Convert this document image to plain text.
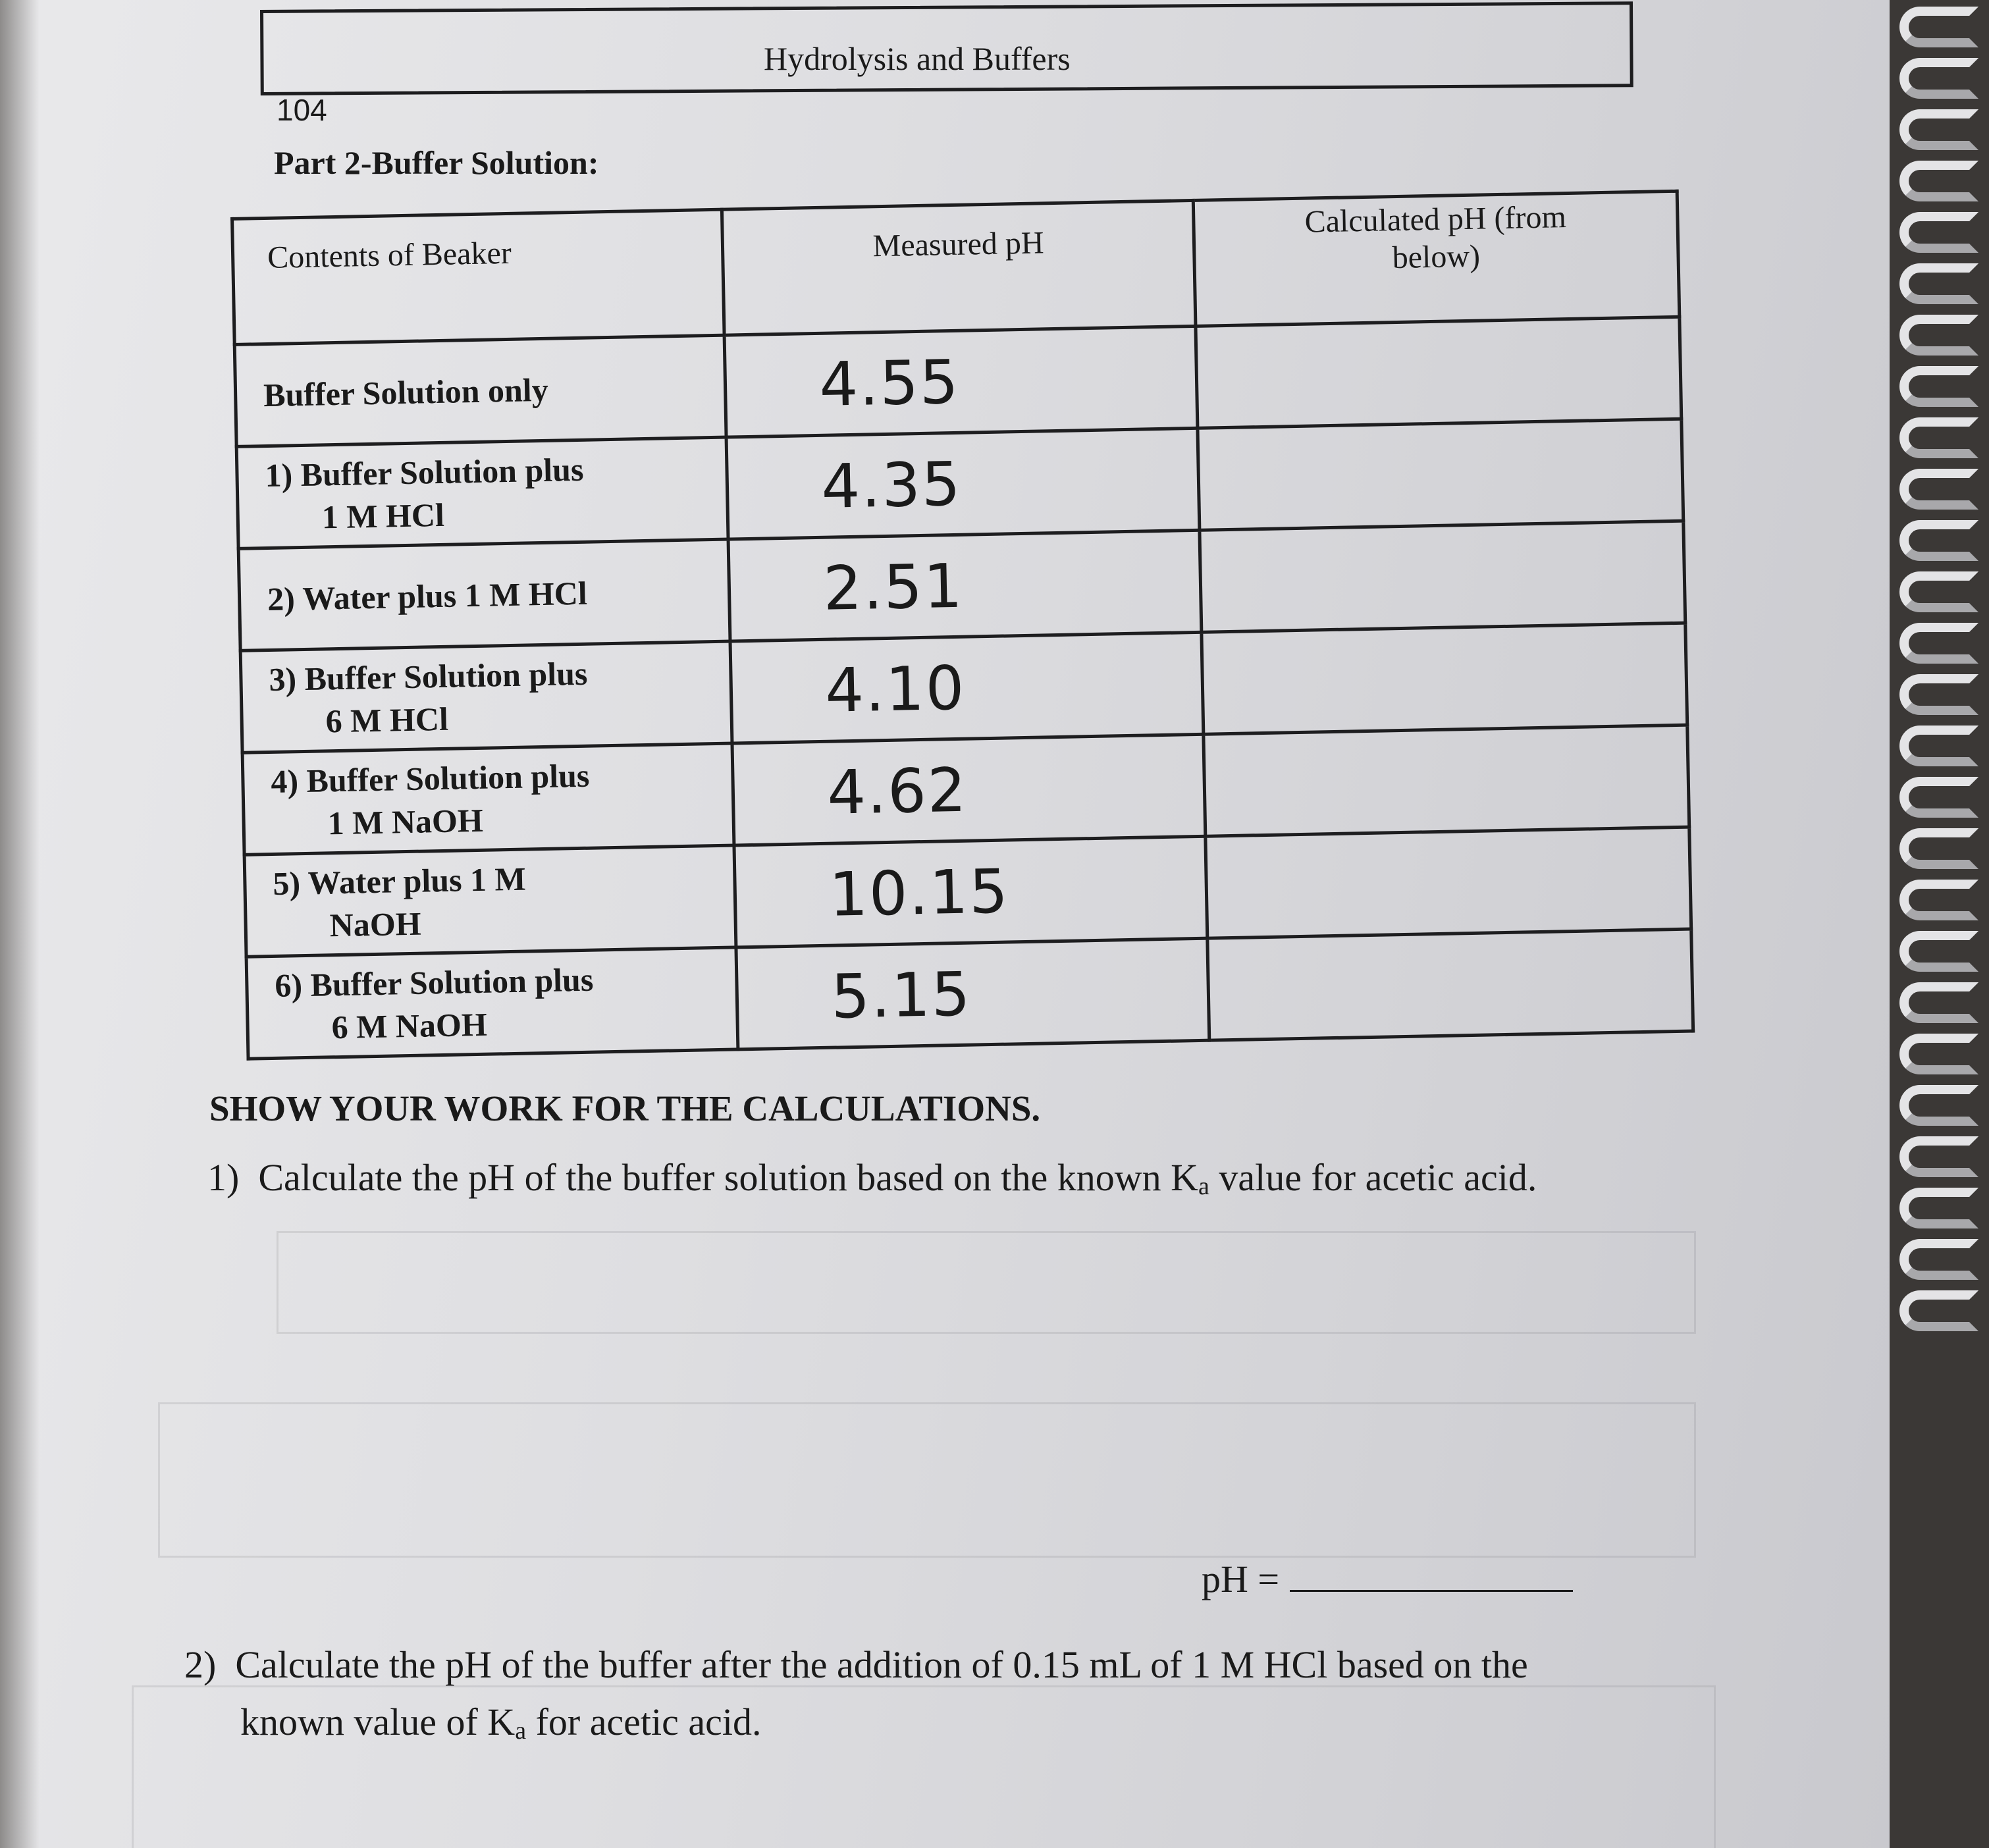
Hydrolysis and Buffers
104
Part 2-Buffer Solution:
Contents of Beaker	Measured pH	Calculated pH (from
below)
Buffer Solution only	4.55	
1) Buffer Solution plus
1 M HCl	4.35	
2) Water plus 1 M HCl	2.51	
3) Buffer Solution plus
6 M HCl	4.10	
4) Buffer Solution plus
1 M NaOH	4.62	
5) Water plus 1 M
NaOH	10.15	
6) Buffer Solution plus
6 M NaOH	5.15	
SHOW YOUR WORK FOR THE CALCULATIONS.
1) Calculate the pH of the buffer solution based on the known Ka value for acetic acid.
pH =
2) Calculate the pH of the buffer after the addition of 0.15 mL of 1 M HCl based on the
known value of Ka for acetic acid.
